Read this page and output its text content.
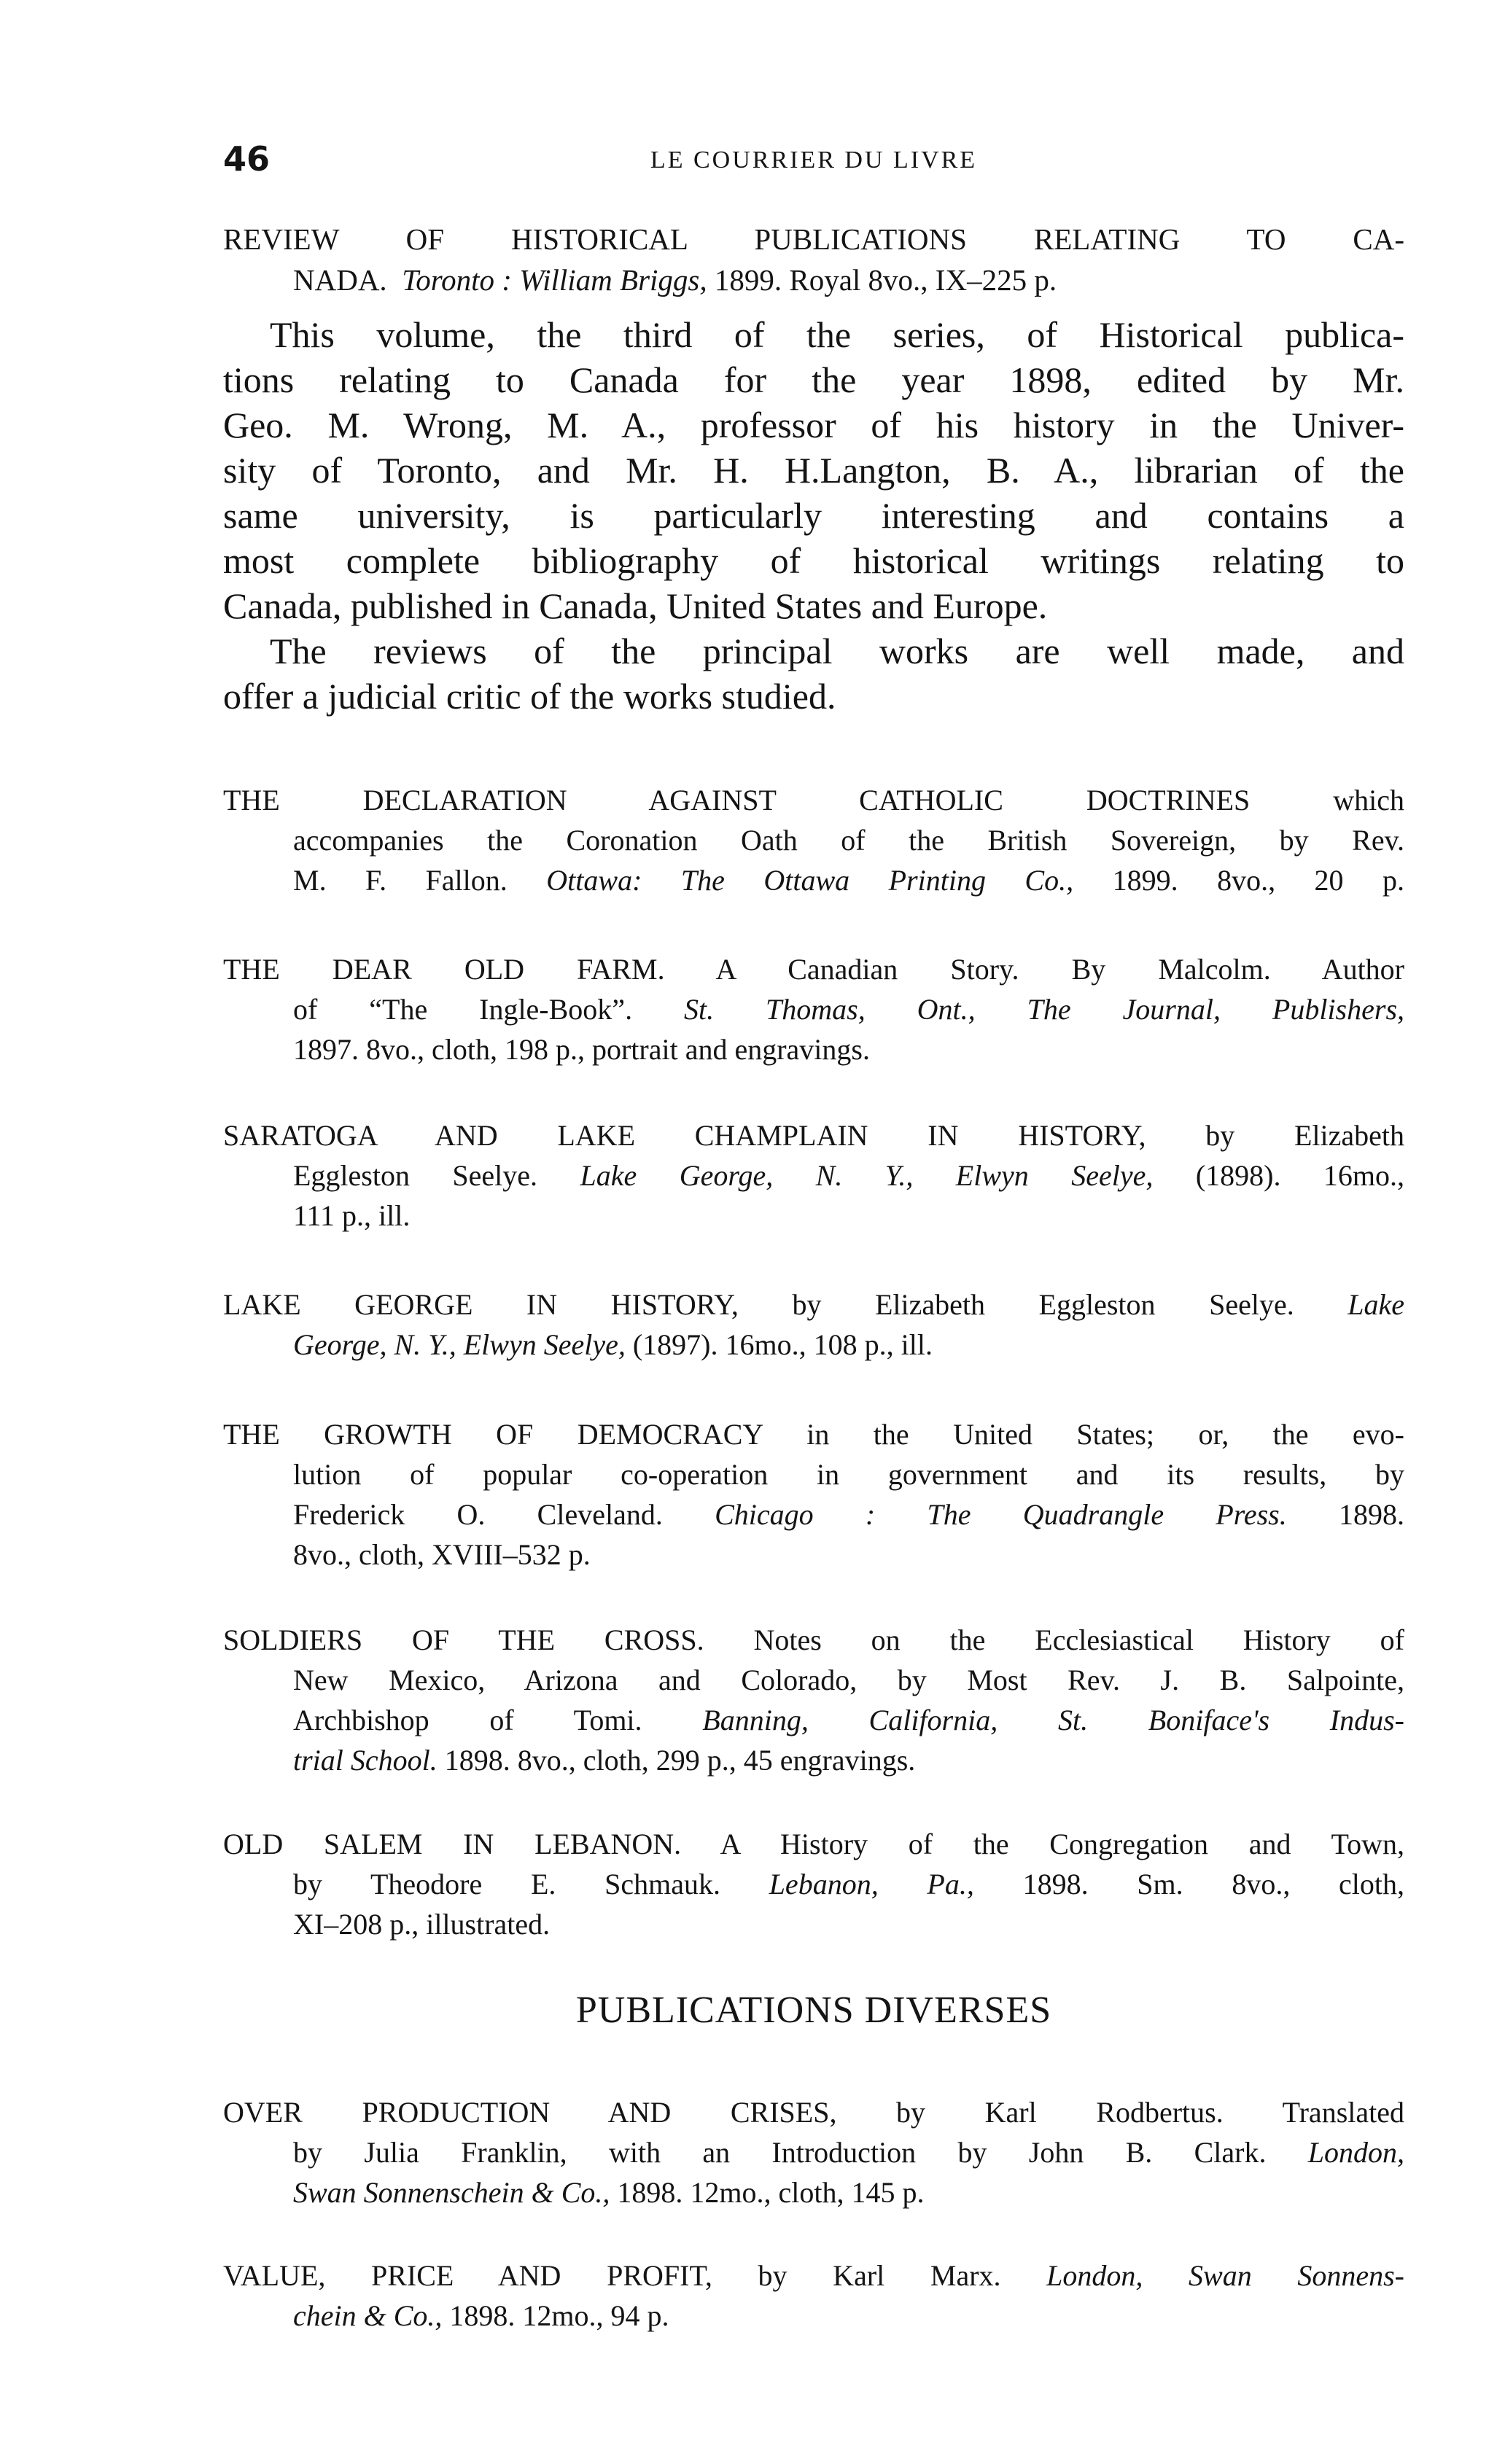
46	LE COURRIER DU LIVRE
REVIEW OF HISTORICAL PUBLICATIONS RELATING TO CA-
NADA. Toronto : William Briggs, 1899. Royal 8vo., IX–225 p.
This volume, the third of the series, of Historical publica-
tions relating to Canada for the year 1898, edited by Mr.
Geo. M. Wrong, M. A., professor of his history in the Univer-
sity of Toronto, and Mr. H. H.Langton, B. A., librarian of the
same university, is particularly interesting and contains a
most complete bibliography of historical writings relating to
Canada, published in Canada, United States and Europe.
The reviews of the principal works are well made, and
offer a judicial critic of the works studied.
THE DECLARATION AGAINST CATHOLIC DOCTRINES which
accompanies the Coronation Oath of the British Sovereign, by Rev.
M. F. Fallon. Ottawa: The Ottawa Printing Co., 1899. 8vo., 20 p.
THE DEAR OLD FARM. A Canadian Story. By Malcolm. Author
of “The Ingle-Book”. St. Thomas, Ont., The Journal, Publishers,
1897. 8vo., cloth, 198 p., portrait and engravings.
SARATOGA AND LAKE CHAMPLAIN IN HISTORY, by Elizabeth
Eggleston Seelye. Lake George, N. Y., Elwyn Seelye, (1898). 16mo.,
111 p., ill.
LAKE GEORGE IN HISTORY, by Elizabeth Eggleston Seelye. Lake
George, N. Y., Elwyn Seelye, (1897). 16mo., 108 p., ill.
THE GROWTH OF DEMOCRACY in the United States; or, the evo-
lution of popular co-operation in government and its results, by
Frederick O. Cleveland. Chicago : The Quadrangle Press. 1898.
8vo., cloth, XVIII–532 p.
SOLDIERS OF THE CROSS. Notes on the Ecclesiastical History of
New Mexico, Arizona and Colorado, by Most Rev. J. B. Salpointe,
Archbishop of Tomi. Banning, California, St. Boniface's Indus-
trial School. 1898. 8vo., cloth, 299 p., 45 engravings.
OLD SALEM IN LEBANON. A History of the Congregation and Town,
by Theodore E. Schmauk. Lebanon, Pa., 1898. Sm. 8vo., cloth,
XI–208 p., illustrated.
PUBLICATIONS DIVERSES
OVER PRODUCTION AND CRISES, by Karl Rodbertus. Translated
by Julia Franklin, with an Introduction by John B. Clark. London,
Swan Sonnenschein & Co., 1898. 12mo., cloth, 145 p.
VALUE, PRICE AND PROFIT, by Karl Marx. London, Swan Sonnens-
chein & Co., 1898. 12mo., 94 p.
